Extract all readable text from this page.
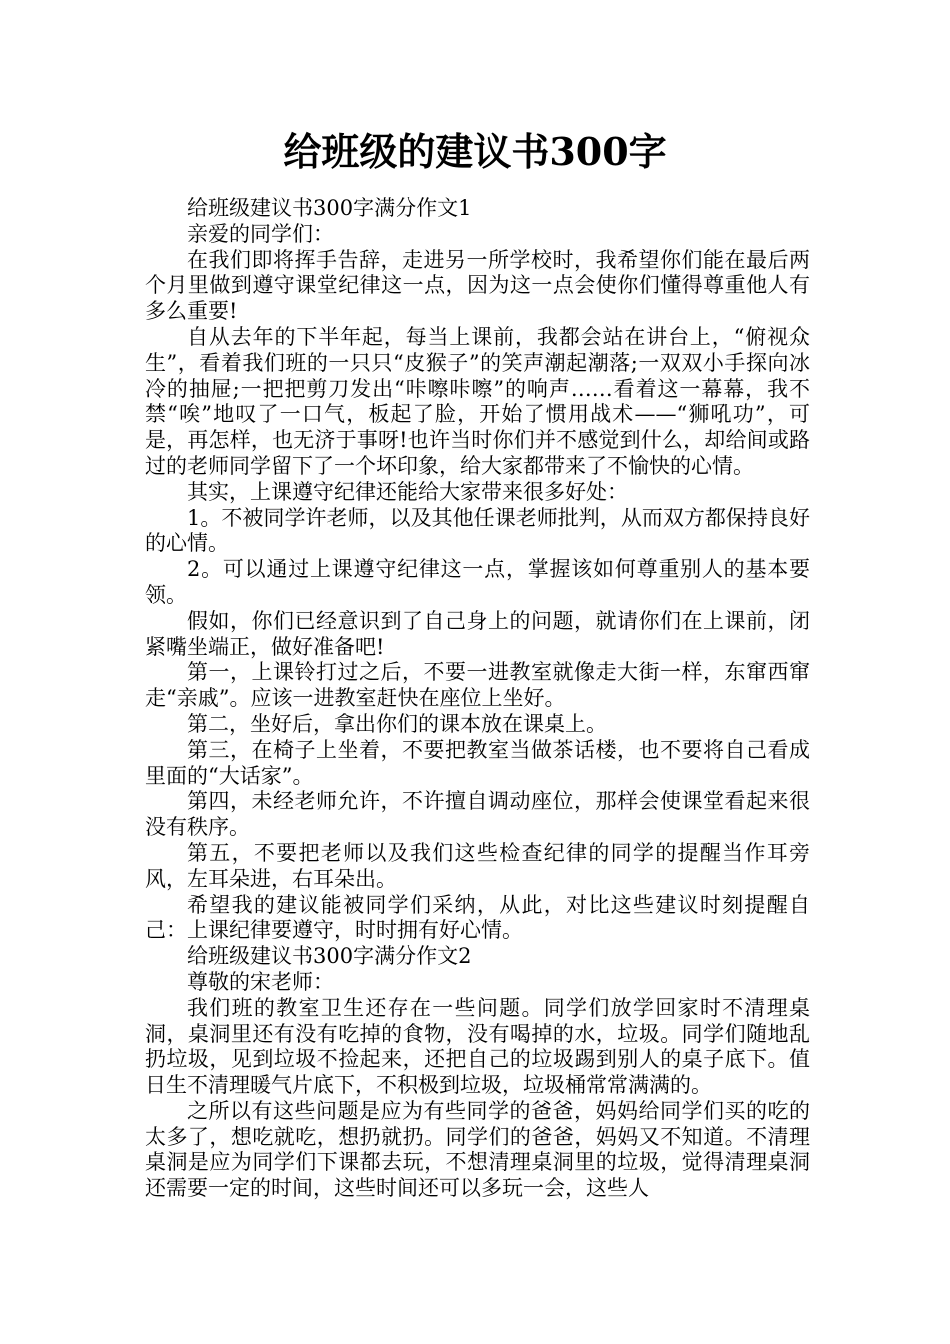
给班级的建议书300字

给班级建议书300字满分作文1

亲爱的同学们：

在我们即将挥手告辞，走进另一所学校时，我希望你们能在最后两个月里做到遵守课堂纪律这一点，因为这一点会使你们懂得尊重他人有多么重要!

自从去年的下半年起，每当上课前，我都会站在讲台上，“俯视众生”，看着我们班的一只只“皮猴子”的笑声潮起潮落;一双双小手探向冰冷的抽屉;一把把剪刀发出“咔嚓咔嚓”的响声……看着这一幕幕，我不禁“唉”地叹了一口气，板起了脸，开始了惯用战术——“狮吼功”，可是，再怎样，也无济于事呀!也许当时你们并不感觉到什么，却给间或路过的老师同学留下了一个坏印象，给大家都带来了不愉快的心情。

其实，上课遵守纪律还能给大家带来很多好处：

1。不被同学许老师，以及其他任课老师批判，从而双方都保持良好的心情。

2。可以通过上课遵守纪律这一点，掌握该如何尊重别人的基本要领。

假如，你们已经意识到了自己身上的问题，就请你们在上课前，闭紧嘴坐端正，做好准备吧!

第一，上课铃打过之后，不要一进教室就像走大街一样，东窜西窜走“亲戚”。应该一进教室赶快在座位上坐好。

第二，坐好后，拿出你们的课本放在课桌上。

第三，在椅子上坐着，不要把教室当做茶话楼，也不要将自己看成里面的“大话家”。

第四，未经老师允许，不许擅自调动座位，那样会使课堂看起来很没有秩序。

第五，不要把老师以及我们这些检查纪律的同学的提醒当作耳旁风，左耳朵进，右耳朵出。

希望我的建议能被同学们采纳，从此，对比这些建议时刻提醒自己：上课纪律要遵守，时时拥有好心情。

给班级建议书300字满分作文2

尊敬的宋老师：

我们班的教室卫生还存在一些问题。同学们放学回家时不清理桌洞，桌洞里还有没有吃掉的食物，没有喝掉的水，垃圾。同学们随地乱扔垃圾，见到垃圾不捡起来，还把自己的垃圾踢到别人的桌子底下。值日生不清理暖气片底下，不积极到垃圾，垃圾桶常常满满的。

之所以有这些问题是应为有些同学的爸爸，妈妈给同学们买的吃的太多了，想吃就吃，想扔就扔。同学们的爸爸，妈妈又不知道。不清理桌洞是应为同学们下课都去玩，不想清理桌洞里的垃圾，觉得清理桌洞还需要一定的时间，这些时间还可以多玩一会，这些人
